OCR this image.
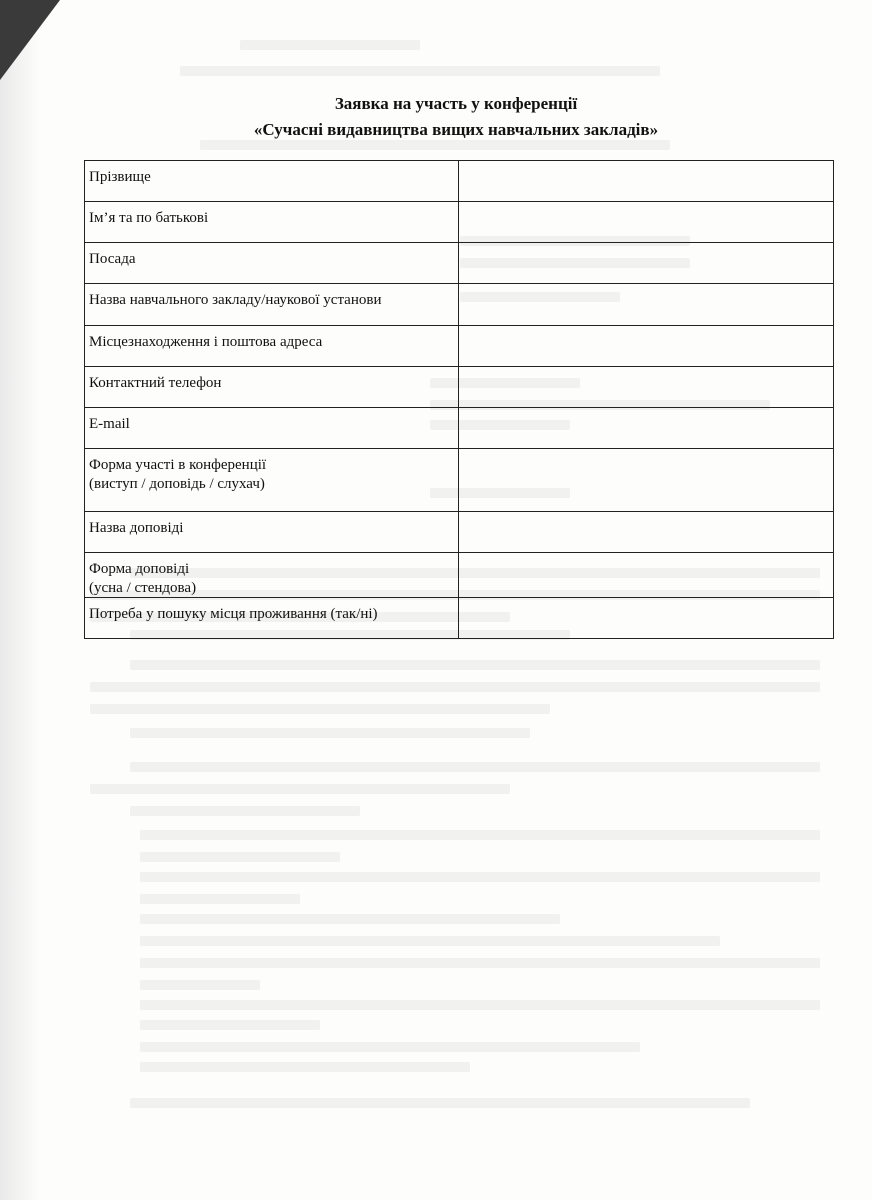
Заявка на участь у конференції
«Сучасні видавництва вищих навчальних закладів»
Прізвище
Ім’я та по батькові
Посада
Назва навчального закладу/наукової установи
Місцезнаходження і поштова адреса
Контактний телефон
E-mail
Форма участі в конференції
(виступ / доповідь / слухач)
Назва доповіді
Форма доповіді
(усна / стендова)
Потреба у пошуку місця проживання (так/ні)
